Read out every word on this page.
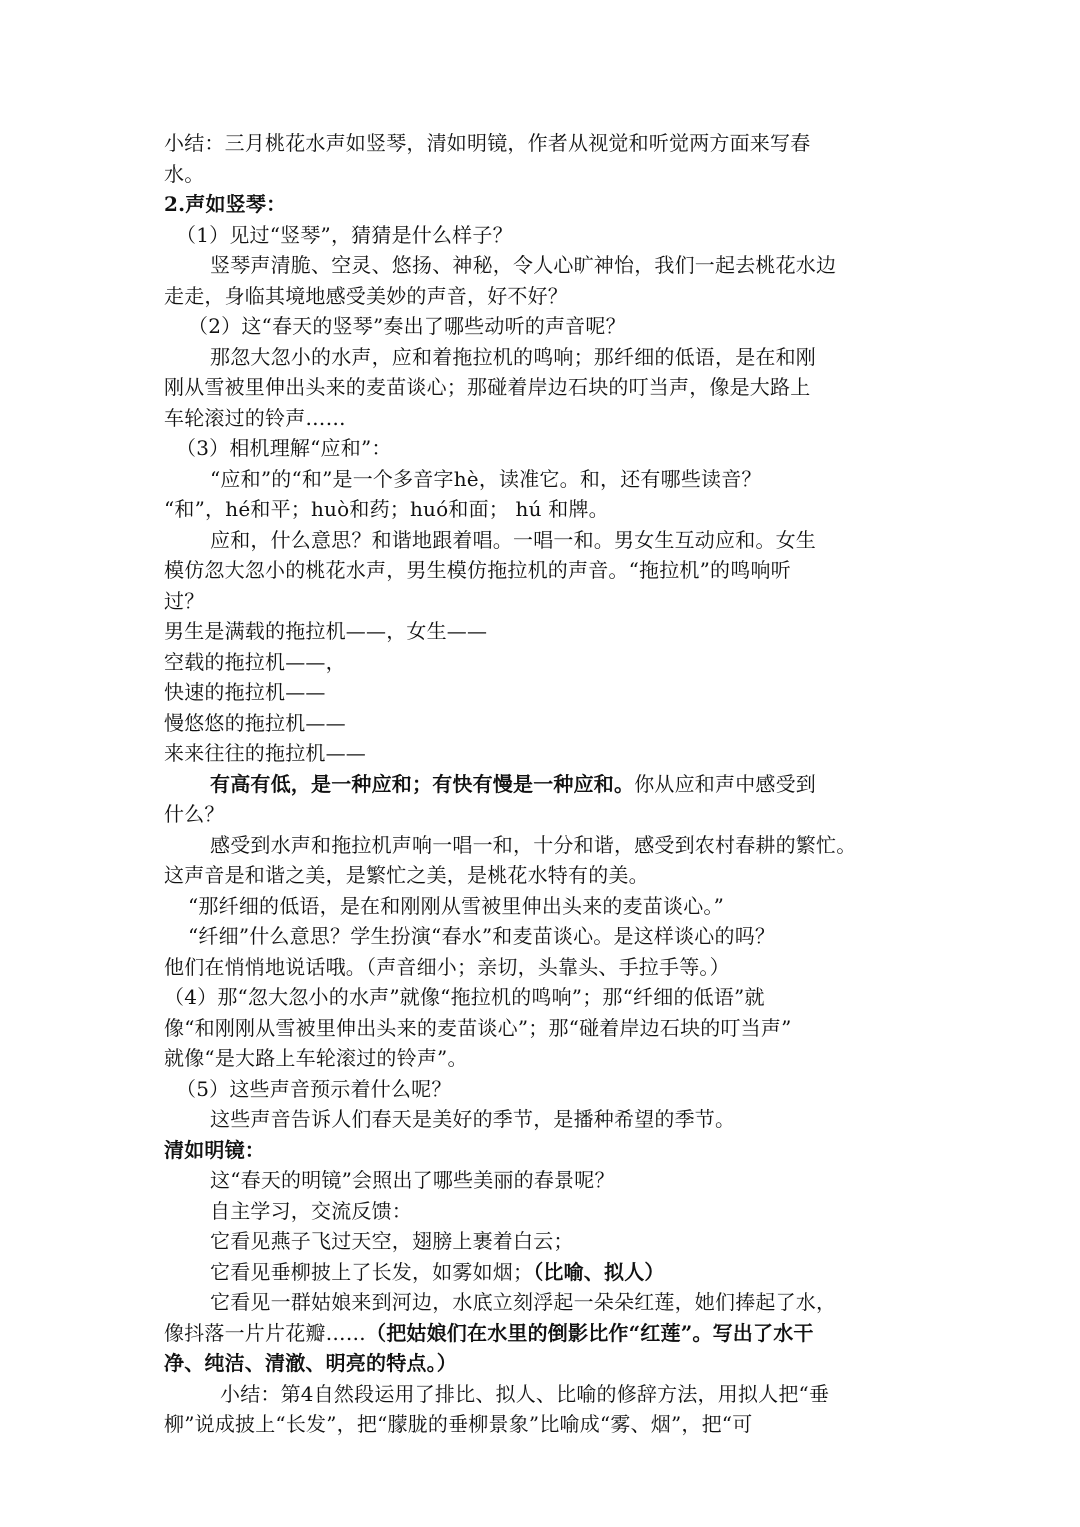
小结：三月桃花水声如竖琴，清如明镜，作者从视觉和听觉两方面来写春
水。
2.声如竖琴：
（1）见过“竖琴”，猜猜是什么样子？
竖琴声清脆、空灵、悠扬、神秘，令人心旷神怡，我们一起去桃花水边
走走，身临其境地感受美妙的声音，好不好？
（2）这“春天的竖琴”奏出了哪些动听的声音呢？
那忽大忽小的水声，应和着拖拉机的鸣响；那纤细的低语，是在和刚
刚从雪被里伸出头来的麦苗谈心；那碰着岸边石块的叮当声，像是大路上
车轮滚过的铃声……
（3）相机理解“应和”：
“应和”的“和”是一个多音字hè，读准它。和，还有哪些读音？
“和”，hé和平；huò和药；huó和面； hú 和牌。
应和，什么意思？和谐地跟着唱。一唱一和。男女生互动应和。女生
模仿忽大忽小的桃花水声，男生模仿拖拉机的声音。“拖拉机”的鸣响听
过？
男生是满载的拖拉机——，女生——
空载的拖拉机——，
快速的拖拉机——
慢悠悠的拖拉机——
来来往往的拖拉机——
有高有低，是一种应和；有快有慢是一种应和。你从应和声中感受到
什么？
感受到水声和拖拉机声响一唱一和，十分和谐，感受到农村春耕的繁忙。
这声音是和谐之美，是繁忙之美，是桃花水特有的美。
“那纤细的低语，是在和刚刚从雪被里伸出头来的麦苗谈心。”
“纤细”什么意思？学生扮演“春水”和麦苗谈心。是这样谈心的吗？
他们在悄悄地说话哦。（声音细小；亲切，头靠头、手拉手等。）
（4）那“忽大忽小的水声”就像“拖拉机的鸣响”；那“纤细的低语”就
像“和刚刚从雪被里伸出头来的麦苗谈心”；那“碰着岸边石块的叮当声”
就像“是大路上车轮滚过的铃声”。
（5）这些声音预示着什么呢？
这些声音告诉人们春天是美好的季节，是播种希望的季节。
清如明镜：
这“春天的明镜”会照出了哪些美丽的春景呢？
自主学习，交流反馈：
它看见燕子飞过天空，翅膀上裹着白云；
它看见垂柳披上了长发，如雾如烟；（比喻、拟人）
它看见一群姑娘来到河边，水底立刻浮起一朵朵红莲，她们捧起了水，
像抖落一片片花瓣……（把姑娘们在水里的倒影比作“红莲”。写出了水干
净、纯洁、清澈、明亮的特点。）
小结：第4自然段运用了排比、拟人、比喻的修辞方法，用拟人把“垂
柳”说成披上“长发”，把“朦胧的垂柳景象”比喻成“雾、烟”，把“可
